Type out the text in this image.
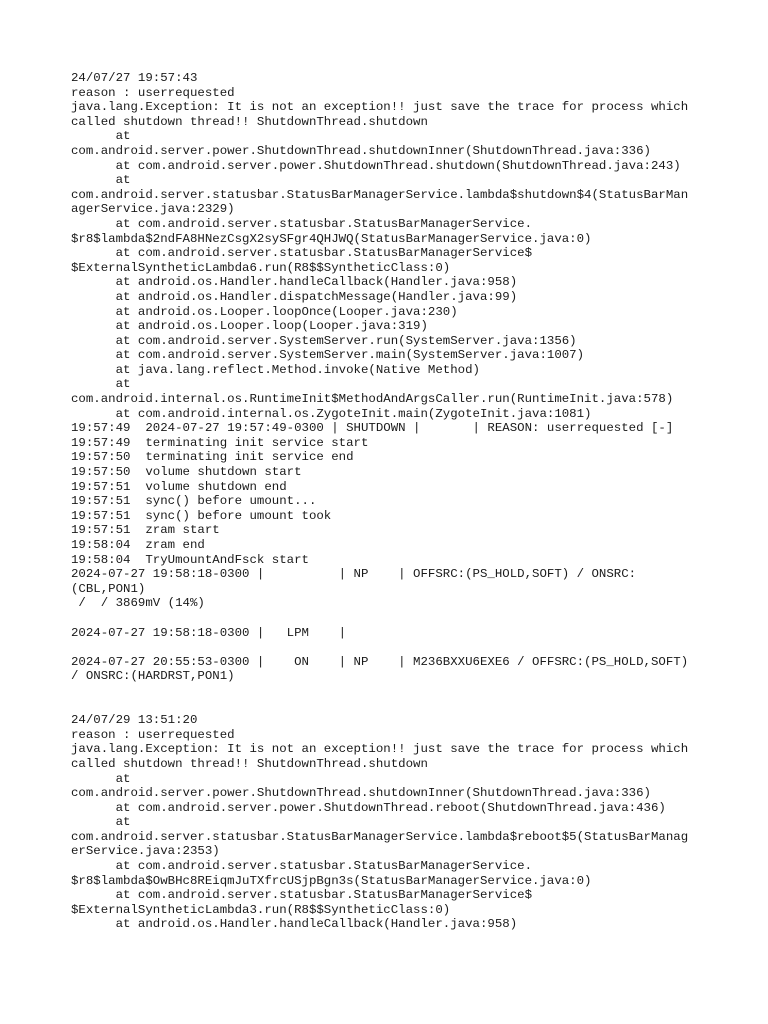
24/07/27 19:57:43
reason : userrequested
java.lang.Exception: It is not an exception!! just save the trace for process which
called shutdown thread!! ShutdownThread.shutdown
at
com.android.server.power.ShutdownThread.shutdownInner(ShutdownThread.java:336)
at com.android.server.power.ShutdownThread.shutdown(ShutdownThread.java:243)
at
com.android.server.statusbar.StatusBarManagerService.lambda$shutdown$4(StatusBarMan
agerService.java:2329)
at com.android.server.statusbar.StatusBarManagerService.
$r8$lambda$2ndFA8HNezCsgX2sySFgr4QHJWQ(StatusBarManagerService.java:0)
at com.android.server.statusbar.StatusBarManagerService$
$ExternalSyntheticLambda6.run(R8$$SyntheticClass:0)
at android.os.Handler.handleCallback(Handler.java:958)
at android.os.Handler.dispatchMessage(Handler.java:99)
at android.os.Looper.loopOnce(Looper.java:230)
at android.os.Looper.loop(Looper.java:319)
at com.android.server.SystemServer.run(SystemServer.java:1356)
at com.android.server.SystemServer.main(SystemServer.java:1007)
at java.lang.reflect.Method.invoke(Native Method)
at
com.android.internal.os.RuntimeInit$MethodAndArgsCaller.run(RuntimeInit.java:578)
at com.android.internal.os.ZygoteInit.main(ZygoteInit.java:1081)
19:57:49  2024-07-27 19:57:49-0300 | SHUTDOWN |       | REASON: userrequested [-]
19:57:49  terminating init service start
19:57:50  terminating init service end
19:57:50  volume shutdown start
19:57:51  volume shutdown end
19:57:51  sync() before umount...
19:57:51  sync() before umount took
19:57:51  zram start
19:58:04  zram end
19:58:04  TryUmountAndFsck start
2024-07-27 19:58:18-0300 |          | NP    | OFFSRC:(PS_HOLD,SOFT) / ONSRC:
(CBL,PON1)
/  / 3869mV (14%)
2024-07-27 19:58:18-0300 |   LPM    |
2024-07-27 20:55:53-0300 |    ON    | NP    | M236BXXU6EXE6 / OFFSRC:(PS_HOLD,SOFT)
/ ONSRC:(HARDRST,PON1)
24/07/29 13:51:20
reason : userrequested
java.lang.Exception: It is not an exception!! just save the trace for process which
called shutdown thread!! ShutdownThread.shutdown
at
com.android.server.power.ShutdownThread.shutdownInner(ShutdownThread.java:336)
at com.android.server.power.ShutdownThread.reboot(ShutdownThread.java:436)
at
com.android.server.statusbar.StatusBarManagerService.lambda$reboot$5(StatusBarManag
erService.java:2353)
at com.android.server.statusbar.StatusBarManagerService.
$r8$lambda$OwBHc8REiqmJuTXfrcUSjpBgn3s(StatusBarManagerService.java:0)
at com.android.server.statusbar.StatusBarManagerService$
$ExternalSyntheticLambda3.run(R8$$SyntheticClass:0)
at android.os.Handler.handleCallback(Handler.java:958)
